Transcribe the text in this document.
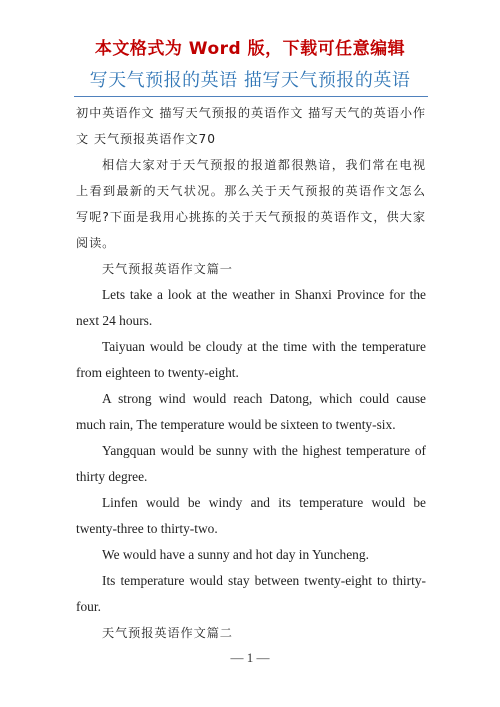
本文格式为 Word 版，下载可任意编辑
写天气预报的英语 描写天气预报的英语

初中英语作文 描写天气预报的英语作文 描写天气的英语小作文 天气预报英语作文70

相信大家对于天气预报的报道都很熟谙，我们常在电视上看到最新的天气状况。那么关于天气预报的英语作文怎么写呢?下面是我用心挑拣的关于天气预报的英语作文，供大家阅读。

天气预报英语作文篇一

Lets take a look at the weather in Shanxi Province for the next 24 hours.

Taiyuan would be cloudy at the time with the temperature from eighteen to twenty-eight.

A strong wind would reach Datong, which could cause much rain, The temperature would be sixteen to twenty-six.

Yangquan would be sunny with the highest temperature of thirty degree.

Linfen would be windy and its temperature would be twenty-three to thirty-two.

We would have a sunny and hot day in Yuncheng.

Its temperature would stay between twenty-eight to thirty-four.

天气预报英语作文篇二

— 1 —
